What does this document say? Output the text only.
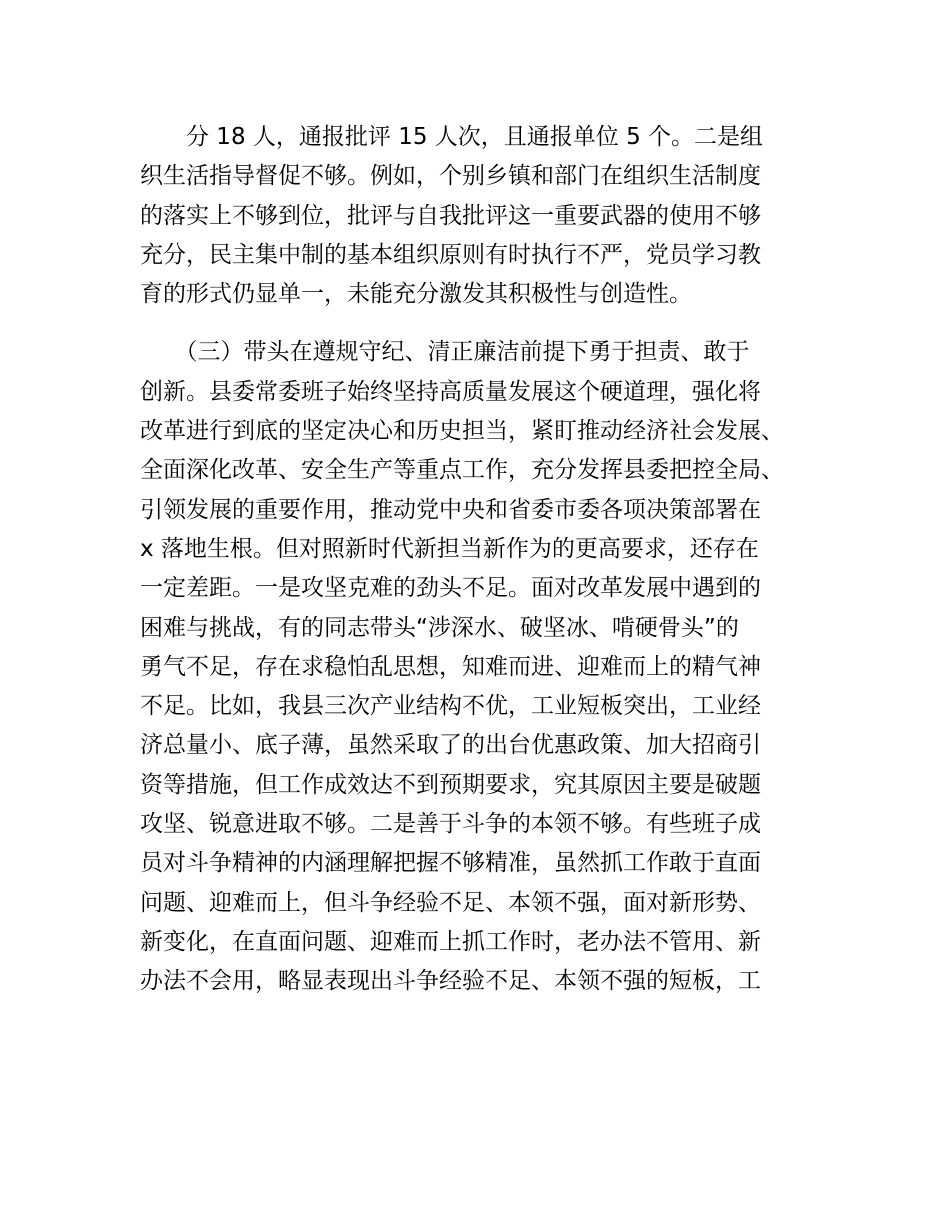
　　分 18 人，通报批评 15 人次，且通报单位 5 个。二是组
织生活指导督促不够。例如，个别乡镇和部门在组织生活制度
的落实上不够到位，批评与自我批评这一重要武器的使用不够
充分，民主集中制的基本组织原则有时执行不严，党员学习教
育的形式仍显单一，未能充分激发其积极性与创造性。
　　（三）带头在遵规守纪、清正廉洁前提下勇于担责、敢于
创新。县委常委班子始终坚持高质量发展这个硬道理，强化将
改革进行到底的坚定决心和历史担当，紧盯推动经济社会发展、
全面深化改革、安全生产等重点工作，充分发挥县委把控全局、
引领发展的重要作用，推动党中央和省委市委各项决策部署在
x 落地生根。但对照新时代新担当新作为的更高要求，还存在
一定差距。一是攻坚克难的劲头不足。面对改革发展中遇到的
困难与挑战，有的同志带头“涉深水、破坚冰、啃硬骨头”的
勇气不足，存在求稳怕乱思想，知难而进、迎难而上的精气神
不足。比如，我县三次产业结构不优，工业短板突出，工业经
济总量小、底子薄，虽然采取了的出台优惠政策、加大招商引
资等措施，但工作成效达不到预期要求，究其原因主要是破题
攻坚、锐意进取不够。二是善于斗争的本领不够。有些班子成
员对斗争精神的内涵理解把握不够精准，虽然抓工作敢于直面
问题、迎难而上，但斗争经验不足、本领不强，面对新形势、
新变化，在直面问题、迎难而上抓工作时，老办法不管用、新
办法不会用，略显表现出斗争经验不足、本领不强的短板，工
